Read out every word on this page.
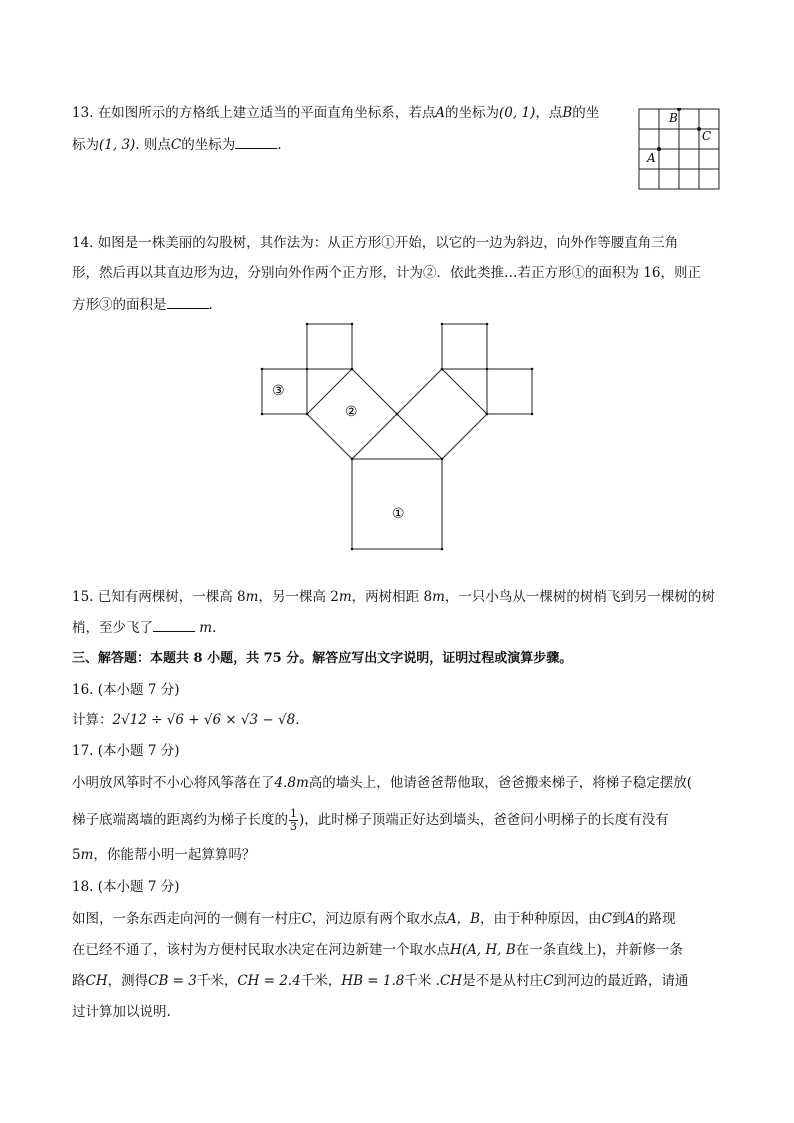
13. 在如图所示的方格纸上建立适当的平面直角坐标系，若点A的坐标为(0, 1)，点B的坐
标为(1, 3). 则点C的坐标为	.
B
C
A
14. 如图是一株美丽的勾股树，其作法为：从正方形①开始，以它的一边为斜边，向外作等腰直角三角
形，然后再以其直边形为边，分别向外作两个正方形，计为②．依此类推…若正方形①的面积为 16，则正
方形③的面积是	.
①
②
③
15. 已知有两棵树，一棵高 8m，另一棵高 2m，两树相距 8m，一只小鸟从一棵树的树梢飞到另一棵树的树
梢，至少飞了	m.
三、解答题：本题共 8 小题，共 75 分。解答应写出文字说明，证明过程或演算步骤。
16. (本小题 7 分)
计算：2√12 ÷ √6 + √6 × √3 − √8.
17. (本小题 7 分)
小明放风筝时不小心将风筝落在了4.8m高的墙头上，他请爸爸帮他取，爸爸搬来梯子，将梯子稳定摆放(
梯子底端离墙的距离约为梯子长度的 $\frac{1}{3}$ )，此时梯子顶端正好达到墙头，爸爸问小明梯子的长度有没有
5m，你能帮小明一起算算吗？
18. (本小题 7 分)
如图，一条东西走向河的一侧有一村庄C，河边原有两个取水点A，B，由于种种原因，由C到A的路现
在已经不通了，该村为方便村民取水决定在河边新建一个取水点H(A, H, B在一条直线上)，并新修一条
路CH，测得CB = 3千米，CH = 2.4千米，HB = 1.8千米 .CH是不是从村庄C到河边的最近路，请通
过计算加以说明.
